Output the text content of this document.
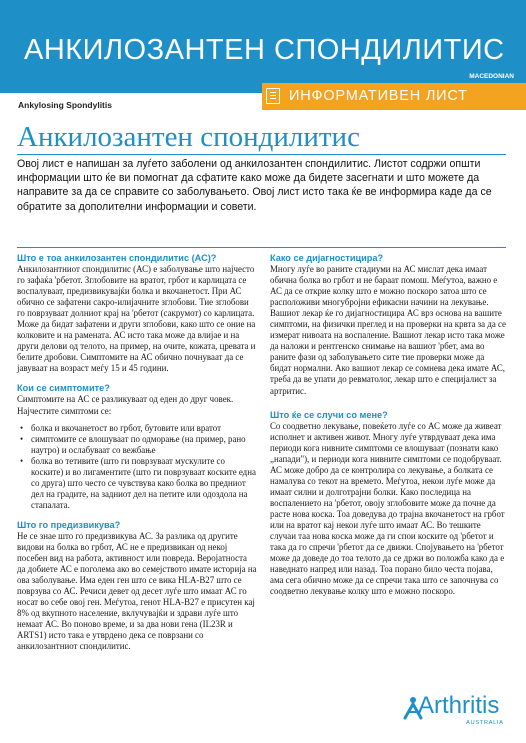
АНКИЛОЗАНТЕН СПОНДИЛИТИС
MACEDONIAN
Ankylosing Spondylitis
ИНФОРМАТИВЕН ЛИСТ
Анкилозантен спондилитис

Овој лист е напишан за луѓето заболени од анкилозантен спондилитис. Листот содржи општи информации што ќе ви помогнат да сфатите како може да бидете засегнати и што можете да направите за да се справите со заболувањето. Овој лист исто така ќе ве информира каде да се обратите за дополителни информации и совети.

Што е тоа анкилозантен спондилитис (АС)?

Анкилозантниот спондилитис (АС) е заболување што најчесто го зафаќа 'рбетот. Зглобовите на вратот, грбот и карлицата се воспалуваат, предизвикувајќи болка и вкочанетост. При АС обично се зафатени сакро-илијачните зглобови. Тие зглобови го поврзуваат долниот крај на 'рбетот (сакрумот) со карлицата. Може да бидат зафатени и други зглобови, како што се оние на колковите и на рамената. АС исто така може да влијае и на други делови од телото, на пример, на очите, кожата, цревата и белите дробови. Симптомите на АС обично почнуваат да се јавуваат на возраст меѓу 15 и 45 години.

Кои се симптомите?

Симптомите на АС се разликуваат од еден до друг човек. Најчестите симптоми се:

• болка и вкочанетост во грбот, бутовите или вратот
• симптомите се влошуваат по одморање (на пример, рано наутро) и ослабуваат со вежбање
• болка во тетивите (што ги поврзуваат мускулите со коските) и во лигаментите (што ги поврзуваат коските една со друга) што често се чувствува како болка во предниот дел на градите, на задниот дел на петите или одоздола на стапалата.
Што го предизвикува?

Не се знае што го предизвикува АС. За разлика од другите видови на болка во грбот, АС не е предизвикан од некој посебен вид на работа, активност или повреда. Веројатноста да добиете АС е поголема ако во семејството имате историја на ова заболување. Има еден ген што се вика HLA-B27 што се поврзува со АС. Речиси девет од десет луѓе што имаат АС го носат во себе овој ген. Меѓутоа, генот HLA-B27 е присутен кај 8% од вкупното население, вклучувајќи и здрави луѓе што немаат АС. Во поново време, и за два нови гена (IL23R и ARTS1) исто така е утврдено дека се поврзани со анкилозантниот спондилитис.

Како се дијагностицира?

Многу луѓе во раните стадиуми на АС мислат дека имаат обична болка во грбот и не бараат помош. Меѓутоа, важно е АС да се открие колку што е можно поскоро затоа што се расположиви многубројни ефикасни начини на лекување. Вашиот лекар ќе го дијагностицира АС врз основа на вашите симптоми, на физички преглед и на проверки на крвта за да се измерат нивоата на воспаление. Вашиот лекар исто така може да наложи и рентгенско снимање на вашиот 'рбет, ама во раните фази од заболувањето сите тие проверки може да бидат нормални. Ако вашиот лекар се сомнева дека имате АС, треба да ве упати до ревматолог, лекар што е специјалист за артритис.

Што ќе се случи со мене?

Со соодветно лекување, повеќето луѓе со АС може да живеат исполнет и активен живот. Многу луѓе утврдуваат дека има периоди кога нивните симптоми се влошуваат (познати како „напади"), и периоди кога нивните симптоми се подобруваат. АС може добро да се контролира со лекување, а болката се намалува со текот на времето. Меѓутоа, некои луѓе може да имаат силни и долготрајни болки. Како последица на воспалението на 'рбетот, овоју зглобовите може да почне да расте нова коска. Тоа доведува до трајна вкочанетост на грбот или на вратот кај некои луѓе што имаат АС. Во тешките случаи таа нова коска може да ги спои коските од 'рбетот и така да го спречи 'рбетот да се движи. Спојувањето на 'рбетот може да доведе до тоа телото да се држи во положба како да е наведнато напред или назад. Тоа порано било честа појава, ама сега обично може да се спречи така што се започнува со соодветно лекување колку што е можно поскоро.

Arthritis
AUSTRALIA
